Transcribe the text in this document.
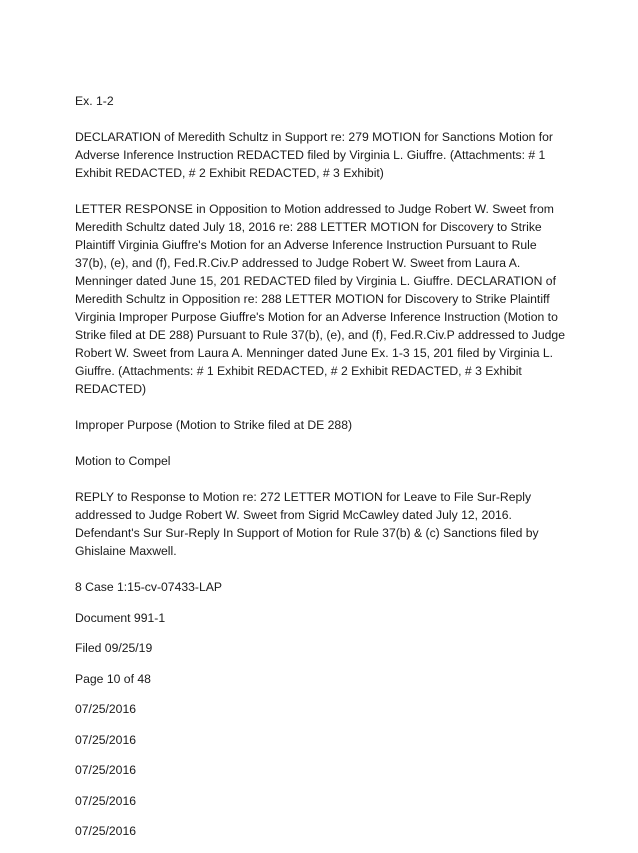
Ex. 1-2

DECLARATION of Meredith Schultz in Support re: 279 MOTION for Sanctions Motion for Adverse Inference Instruction REDACTED filed by Virginia L. Giuffre. (Attachments: # 1 Exhibit REDACTED, # 2 Exhibit REDACTED, # 3 Exhibit)

LETTER RESPONSE in Opposition to Motion addressed to Judge Robert W. Sweet from Meredith Schultz dated July 18, 2016 re: 288 LETTER MOTION for Discovery to Strike Plaintiff Virginia Giuffre's Motion for an Adverse Inference Instruction Pursuant to Rule 37(b), (e), and (f), Fed.R.Civ.P addressed to Judge Robert W. Sweet from Laura A. Menninger dated June 15, 201 REDACTED filed by Virginia L. Giuffre. DECLARATION of Meredith Schultz in Opposition re: 288 LETTER MOTION for Discovery to Strike Plaintiff Virginia Improper Purpose Giuffre's Motion for an Adverse Inference Instruction (Motion to Strike filed at DE 288) Pursuant to Rule 37(b), (e), and (f), Fed.R.Civ.P addressed to Judge Robert W. Sweet from Laura A. Menninger dated June Ex. 1-3 15, 201 filed by Virginia L. Giuffre. (Attachments: # 1 Exhibit REDACTED, # 2 Exhibit REDACTED, # 3 Exhibit REDACTED)

Improper Purpose (Motion to Strike filed at DE 288)

Motion to Compel

REPLY to Response to Motion re: 272 LETTER MOTION for Leave to File Sur-Reply addressed to Judge Robert W. Sweet from Sigrid McCawley dated July 12, 2016. Defendant's Sur Sur-Reply In Support of Motion for Rule 37(b) & (c) Sanctions filed by Ghislaine Maxwell.

8 Case 1:15-cv-07433-LAP

Document 991-1

Filed 09/25/19

Page 10 of 48

07/25/2016

07/25/2016

07/25/2016

07/25/2016

07/25/2016
